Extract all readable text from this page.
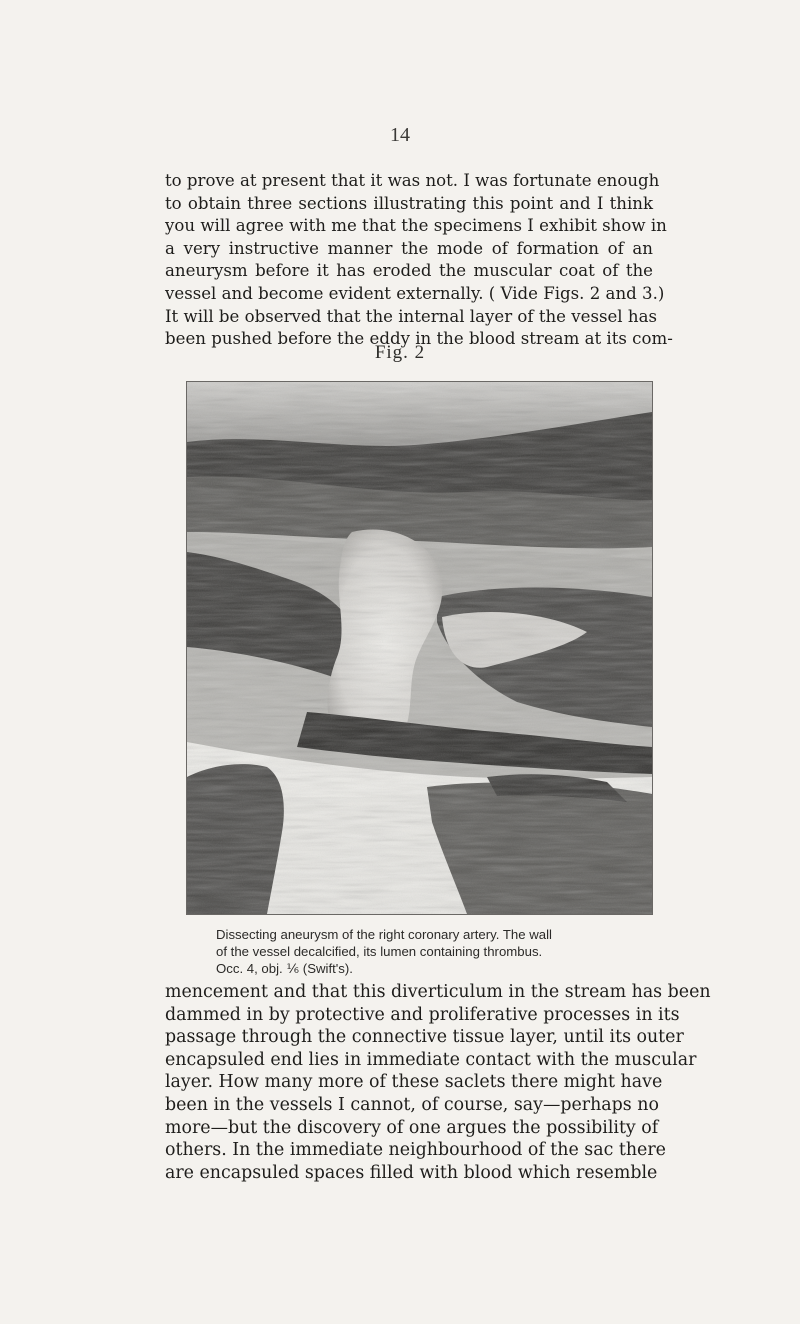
14

to prove at present that it was not. I was fortunate enough
to obtain three sections illustrating this point and I think
you will agree with me that the specimens I exhibit show in
a very instructive manner the mode of formation of an
aneurysm before it has eroded the muscular coat of the
vessel and become evident externally. ( Vide Figs. 2 and 3.)
It will be observed that the internal layer of the vessel has
been pushed before the eddy in the blood stream at its com-

Fig. 2
Dissecting aneurysm of the right coronary artery. The wall
of the vessel decalcified, its lumen containing thrombus.
Occ. 4, obj. ⅙ (Swift's).

mencement and that this diverticulum in the stream has been
dammed in by protective and proliferative processes in its
passage through the connective tissue layer, until its outer
encapsuled end lies in immediate contact with the muscular
layer. How many more of these saclets there might have
been in the vessels I cannot, of course, say—perhaps no
more—but the discovery of one argues the possibility of
others. In the immediate neighbourhood of the sac there
are encapsuled spaces filled with blood which resemble
